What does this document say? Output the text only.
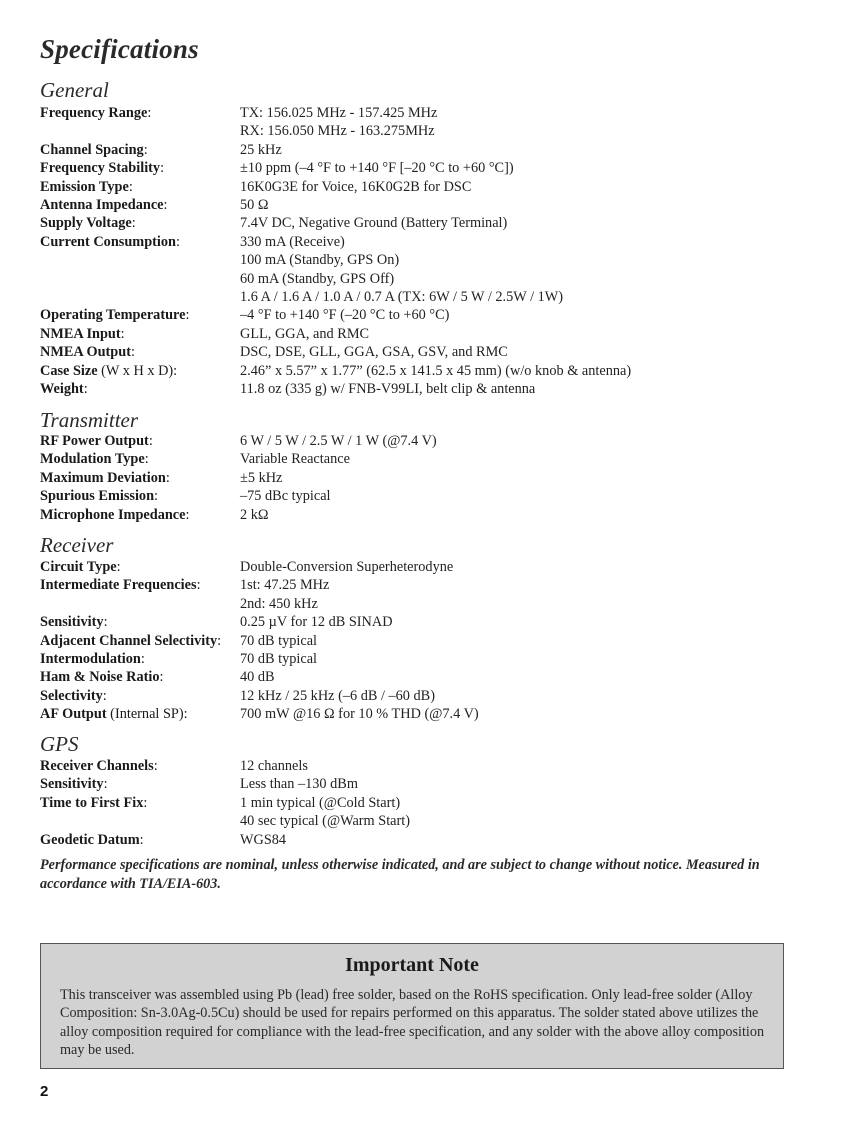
Specifications
General
Frequency Range:	TX: 156.025 MHz - 157.425 MHz
RX: 156.050 MHz - 163.275MHz
Channel Spacing:	25 kHz
Frequency Stability:	±10 ppm (–4 °F to +140 °F [–20 °C to +60 °C])
Emission Type:	16K0G3E for Voice, 16K0G2B for DSC
Antenna Impedance:	50 Ω
Supply Voltage:	7.4V DC, Negative Ground (Battery Terminal)
Current Consumption:	330 mA (Receive)
100 mA (Standby, GPS On)
60 mA (Standby, GPS Off)
1.6 A / 1.6 A / 1.0 A / 0.7 A (TX: 6W / 5 W / 2.5W / 1W)
Operating Temperature:	–4 °F to +140 °F (–20 °C to +60 °C)
NMEA Input:	GLL, GGA, and RMC
NMEA Output:	DSC, DSE, GLL, GGA, GSA, GSV, and RMC
Case Size (W x H x D):	2.46” x 5.57” x 1.77” (62.5 x 141.5 x 45 mm) (w/o knob & antenna)
Weight:	11.8 oz (335 g) w/ FNB-V99LI, belt clip & antenna
Transmitter
RF Power Output:	6 W / 5 W / 2.5 W / 1 W (@7.4 V)
Modulation Type:	Variable Reactance
Maximum Deviation:	±5 kHz
Spurious Emission:	–75 dBc typical
Microphone Impedance:	2 kΩ
Receiver
Circuit Type:	Double-Conversion Superheterodyne
Intermediate Frequencies:	1st: 47.25 MHz
2nd: 450 kHz
Sensitivity:	0.25 µV for 12 dB SINAD
Adjacent Channel Selectivity: 70 dB typical
Intermodulation:	70 dB typical
Ham & Noise Ratio:	40 dB
Selectivity:	12 kHz / 25 kHz (–6 dB / –60 dB)
AF Output (Internal SP):	700 mW @16 Ω for 10 % THD (@7.4 V)
GPS
Receiver Channels:	12 channels
Sensitivity:	Less than –130 dBm
Time to First Fix:	1 min typical (@Cold Start)
40 sec typical (@Warm Start)
Geodetic Datum:	WGS84

Performance specifications are nominal, unless otherwise indicated, and are subject to change without notice. Measured in accordance with TIA/EIA-603.

Important Note

This transceiver was assembled using Pb (lead) free solder, based on the RoHS specification. Only lead-free solder (Alloy Composition: Sn-3.0Ag-0.5Cu) should be used for repairs performed on this apparatus. The solder stated above utilizes the alloy composition required for compliance with the lead-free specification, and any solder with the above alloy composition may be used.

2
